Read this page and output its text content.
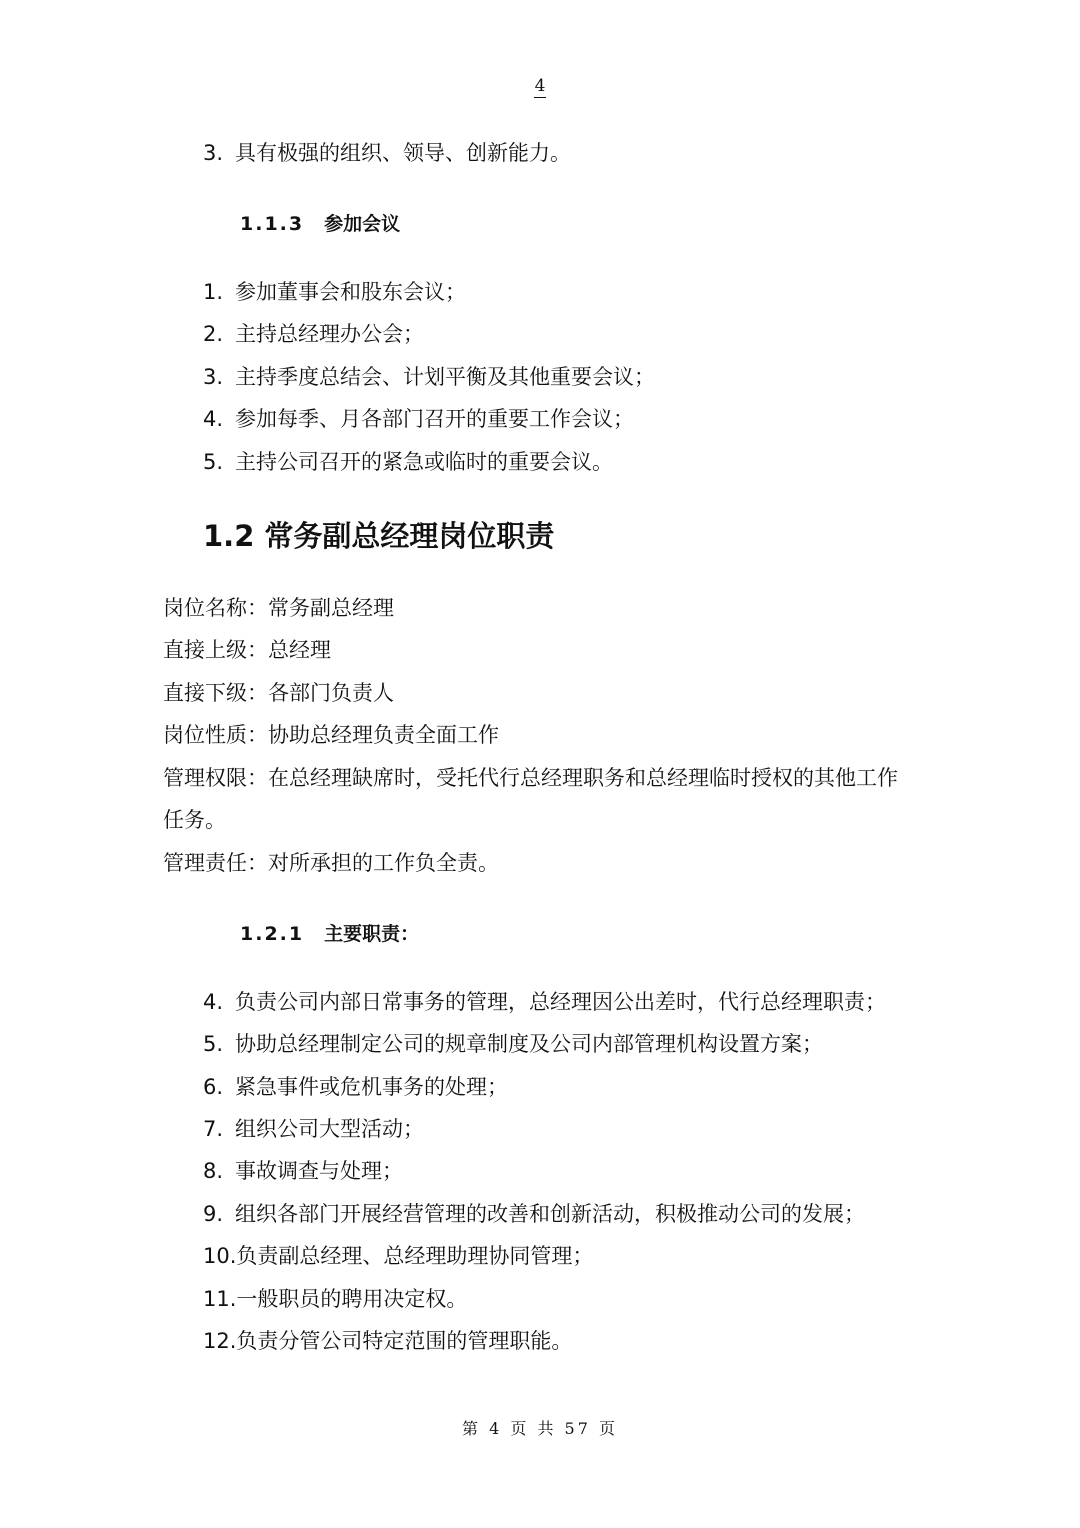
4
3. 具有极强的组织、领导、创新能力。
1.1.3 参加会议
1. 参加董事会和股东会议；
2. 主持总经理办公会；
3. 主持季度总结会、计划平衡及其他重要会议；
4. 参加每季、月各部门召开的重要工作会议；
5. 主持公司召开的紧急或临时的重要会议。
1.2 常务副总经理岗位职责
岗位名称：常务副总经理
直接上级：总经理
直接下级：各部门负责人
岗位性质：协助总经理负责全面工作
管理权限：在总经理缺席时，受托代行总经理职务和总经理临时授权的其他工作
任务。
管理责任：对所承担的工作负全责。
1.2.1 主要职责：
4. 负责公司内部日常事务的管理，总经理因公出差时，代行总经理职责；
5. 协助总经理制定公司的规章制度及公司内部管理机构设置方案；
6. 紧急事件或危机事务的处理；
7. 组织公司大型活动；
8. 事故调查与处理；
9. 组织各部门开展经营管理的改善和创新活动，积极推动公司的发展；
10.负责副总经理、总经理助理协同管理；
11.一般职员的聘用决定权。
12.负责分管公司特定范围的管理职能。
第 4 页 共 57 页
